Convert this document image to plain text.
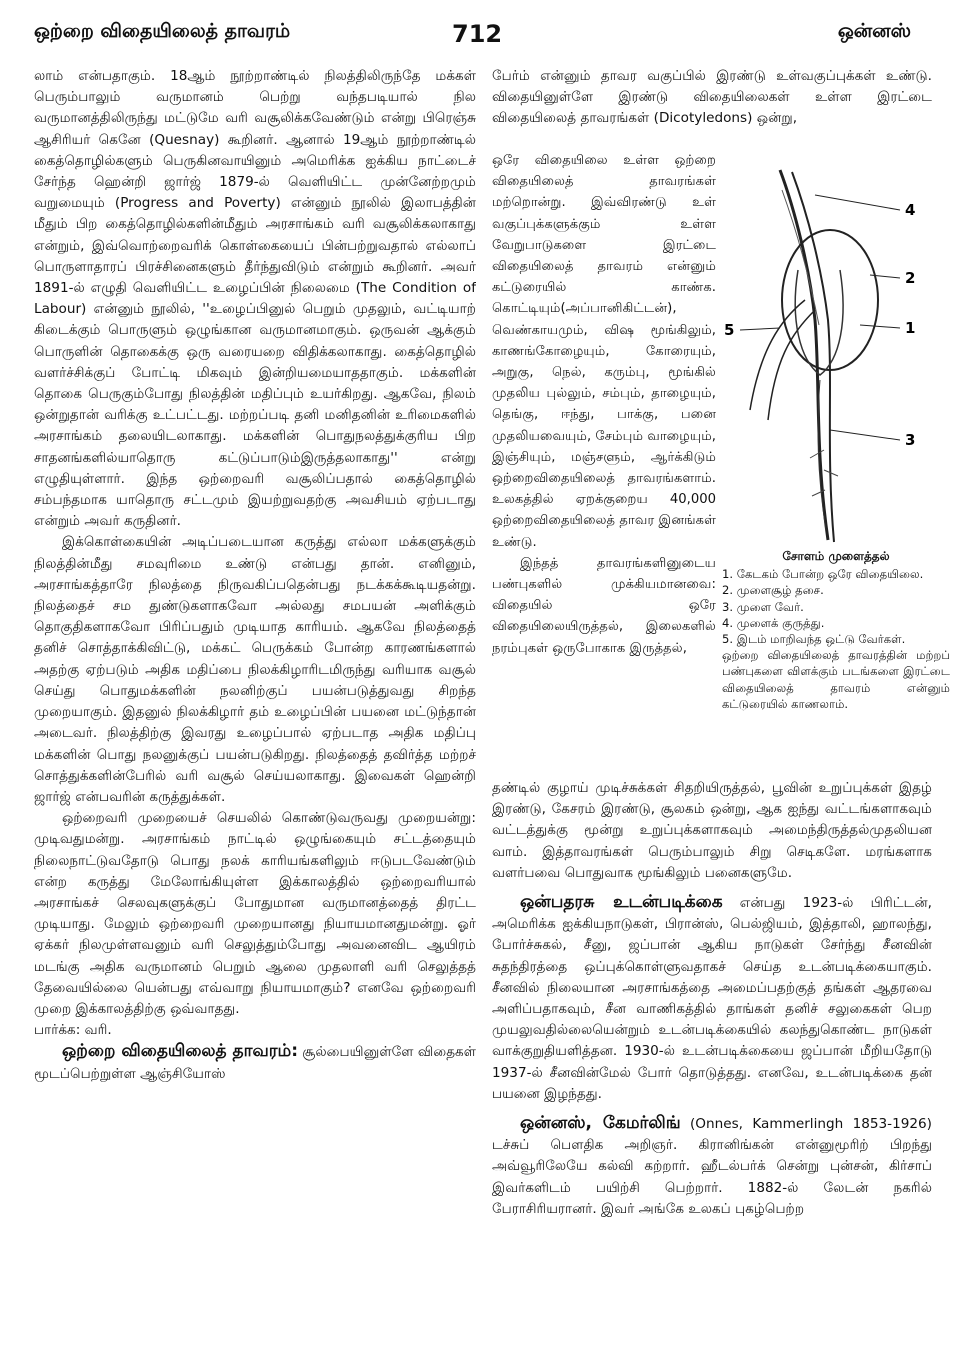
ஒற்றை விதையிலைத் தாவரம்	712	ஒன்னஸ்

லாம் என்பதாகும். 18ஆம் நூற்றாண்டில் நிலத்திலிருந்தே மக்கள் பெரும்பாலும் வருமானம் பெற்று வந்தபடியால் நில வருமானத்திலிருந்து மட்டுமே வரி வசூலிக்கவேண்டும் என்று பிரெஞ்சு ஆசிரியர் கெனே (Quesnay) கூறினர். ஆனால் 19ஆம் நூற்றாண்டில் கைத்தொழில்களும் பெருகினவாயினும் அமெரிக்க ஐக்கிய நாட்டைச் சேர்ந்த ஹென்றி ஜார்ஜ் 1879-ல் வெளியிட்ட முன்னேற்றமும் வறுமையும் (Progress and Poverty) என்னும் நூலில் இலாபத்தின் மீதும் பிற கைத்தொழில்களின்மீதும் அரசாங்கம் வரி வசூலிக்கலாகாது என்றும், இவ்வொற்றைவரிக் கொள்கையைப் பின்பற்றுவதால் எல்லாப் பொருளாதாரப் பிரச்சினைகளும் தீர்ந்துவிடும் என்றும் கூறினர். அவர் 1891-ல் எழுதி வெளியிட்ட உழைப்பின் நிலைமை (The Condition of Labour) என்னும் நூலில், ''உழைப்பினுல் பெறும் முதலும், வட்டியாற் கிடைக்கும் பொருளும் ஒழுங்கான வருமானமாகும். ஒருவன் ஆக்கும் பொருளின் தொகைக்கு ஒரு வரையறை விதிக்கலாகாது. கைத்தொழில் வளர்ச்சிக்குப் போட்டி மிகவும் இன்றியமையாததாகும். மக்களின் தொகை பெருகும்போது நிலத்தின் மதிப்பும் உயர்கிறது. ஆகவே, நிலம் ஒன்றுதான் வரிக்கு உட்பட்டது. மற்றப்படி தனி மனிதனின் உரிமைகளில் அரசாங்கம் தலையிடலாகாது. மக்களின் பொதுநலத்துக்குரிய பிற சாதனங்களில்யாதொரு கட்டுப்பாடும்இருத்தலாகாது'' என்று எழுதியுள்ளார். இந்த ஒற்றைவரி வசூலிப்பதால் கைத்தொழில் சம்பந்தமாக யாதொரு சட்டமும் இயற்றுவதற்கு அவசியம் ஏற்படாது என்றும் அவர் கருதினர்.

இக்கொள்கையின் அடிப்படையான கருத்து எல்லா மக்களுக்கும் நிலத்தின்மீது சமவுரிமை உண்டு என்பது தான். எனினும், அரசாங்கத்தாரே நிலத்தை நிருவகிப்பதென்பது நடக்கக்கூடியதன்று. நிலத்தைச் சம துண்டுகளாகவோ அல்லது சமபயன் அளிக்கும் தொகுதிகளாகவோ பிரிப்பதும் முடியாத காரியம். ஆகவே நிலத்தைத் தனிச் சொத்தாக்கிவிட்டு, மக்கட் பெருக்கம் போன்ற காரணங்களால் அதற்கு ஏற்படும் அதிக மதிப்பை நிலக்கிழாரிடமிருந்து வரியாக வசூல் செய்து பொதுமக்களின் நலனிற்குப் பயன்படுத்துவது சிறந்த முறையாகும். இதனுல் நிலக்கிழார் தம் உழைப்பின் பயனை மட்டுந்தான் அடைவர். நிலத்திற்கு இவரது உழைப்பால் ஏற்படாத அதிக மதிப்பு மக்களின் பொது நலனுக்குப் பயன்படுகிறது. நிலத்தைத் தவிர்த்த மற்றச் சொத்துக்களின்பேரில் வரி வசூல் செய்யலாகாது. இவைகள் ஹென்றி ஜார்ஜ் என்பவரின் கருத்துக்கள்.

ஒற்றைவரி முறையைச் செயலில் கொண்டுவருவது முறையன்று: முடிவதுமன்று. அரசாங்கம் நாட்டில் ஒழுங்கையும் சட்டத்தையும் நிலைநாட்டுவதோடு பொது நலக் காரியங்களிலும் ஈடுபடவேண்டும் என்ற கருத்து மேலோங்கியுள்ள இக்காலத்தில் ஒற்றைவரியால் அரசாங்கச் செலவுகளுக்குப் போதுமான வருமானத்தைத் திரட்ட முடியாது. மேலும் ஒற்றைவரி முறையானது நியாயமானதுமன்று. ஓர் ஏக்கர் நிலமுள்ளவனும் வரி செலுத்தும்போது அவனைவிட ஆயிரம் மடங்கு அதிக வருமானம் பெறும் ஆலை முதலாளி வரி செலுத்தத் தேவையில்லை யென்பது எவ்வாறு நியாயமாகும்? எனவே ஒற்றைவரி முறை இக்காலத்திற்கு ஒவ்வாதது.

பார்க்க: வரி.

ஒற்றை விதையிலைத் தாவரம்: சூல்பையினுள்ளே விதைகள் மூடப்பெற்றுள்ள ஆஞ்சியோஸ்

பேர்ம் என்னும் தாவர வகுப்பில் இரண்டு உள்வகுப்புக்கள் உண்டு. விதையினுள்ளே இரண்டு விதையிலைகள் உள்ள இரட்டை விதையிலைத் தாவரங்கள் (Dicotyledons) ஒன்று,

ஒரே விதையிலை உள்ள ஒற்றை விதையிலைத் தாவரங்கள் மற்றொன்று. இவ்விரண்டு உள் வகுப்புக்களுக்கும் உள்ள வேறுபாடுகளை இரட்டை விதையிலைத் தாவரம் என்னும் கட்டுரையில் காண்க. கொட்டியும்(அப்பானிகிட்டன்), வெண்காயமும், விஷ மூங்கிலும், காணங்கோழையும், கோரையும், அறுகு, நெல், கரும்பு, மூங்கில் முதலிய புல்லும், சம்பும், தாழையும், தெங்கு, ஈந்து, பாக்கு, பனை முதலியவையும், சேம்பும் வாழையும், இஞ்சியும், மஞ்சளும், ஆர்க்கிடும் ஒற்றைவிதையிலைத் தாவரங்களாம். உலகத்தில் ஏறக்குறைய 40,000 ஒற்றைவிதையிலைத் தாவர இனங்கள் உண்டு.

இந்தத் தாவரங்களினுடைய பண்புகளில் முக்கியமானவை: விதையில் ஒரே விதையிலையிருத்தல், இலைகளில் நரம்புகள் ஒருபோகாக இருத்தல்,

4
2
1
3
5
சோளம் முளைத்தல்
1. கேடகம் போன்ற ஒரே விதையிலை.
2. முளைசூழ் தசை.
3. முளை வேர்.
4. முளைக் குருத்து.
5. இடம் மாறிவந்த ஒட்டு வேர்கள்.
ஒற்றை விதையிலைத் தாவரத்தின் மற்றப் பண்புகளை விளக்கும் படங்களை இரட்டை விதையிலைத் தாவரம் என்னும் கட்டுரையில் காணலாம்.

தண்டில் குழாய் முடிச்சுக்கள் சிதறியிருத்தல், பூவின் உறுப்புக்கள் இதழ் இரண்டு, கேசரம் இரண்டு, சூலகம் ஒன்று, ஆக ஐந்து வட்டங்களாகவும் வட்டத்துக்கு மூன்று உறுப்புக்களாகவும் அமைந்திருத்தல்முதலியன வாம். இத்தாவரங்கள் பெரும்பாலும் சிறு செடிகளே. மரங்களாக வளர்பவை பொதுவாக மூங்கிலும் பனைகளுமே.

ஒன்பதரசு உடன்படிக்கை என்பது 1923-ல் பிரிட்டன், அமெரிக்க ஐக்கியநாடுகள், பிரான்ஸ், பெல்ஜியம், இத்தாலி, ஹாலந்து, போர்ச்சுகல், சீனு, ஜப்பான் ஆகிய நாடுகள் சேர்ந்து சீனவின் சுதந்திரத்தை ஒப்புக்கொள்ளுவதாகச் செய்த உடன்படிக்கையாகும். சீனவில் நிலையான அரசாங்கத்தை அமைப்பதற்குத் தங்கள் ஆதரவை அளிப்பதாகவும், சீன வாணிகத்தில் தாங்கள் தனிச் சலுகைகள் பெற முயலுவதில்லையென்றும் உடன்படிக்கையில் கலந்துகொண்ட நாடுகள் வாக்குறுதியளித்தன. 1930-ல் உடன்படிக்கையை ஜப்பான் மீறியதோடு 1937-ல் சீனவின்மேல் போர் தொடுத்தது. எனவே, உடன்படிக்கை தன் பயனை இழந்தது.

ஒன்னஸ், கேமர்லிங் (Onnes, Kammerlingh 1853-1926) டச்சுப் பௌதிக அறிஞர். கிரானிங்கன் என்னுமூரிற் பிறந்து அவ்வூரிலேயே கல்வி கற்றார். ஹீடல்பர்க் சென்று புன்சன், கிர்சாப் இவர்களிடம் பயிற்சி பெற்றார். 1882-ல் லேடன் நகரில் பேராசிரியரானர். இவர் அங்கே உலகப் புகழ்பெற்ற
